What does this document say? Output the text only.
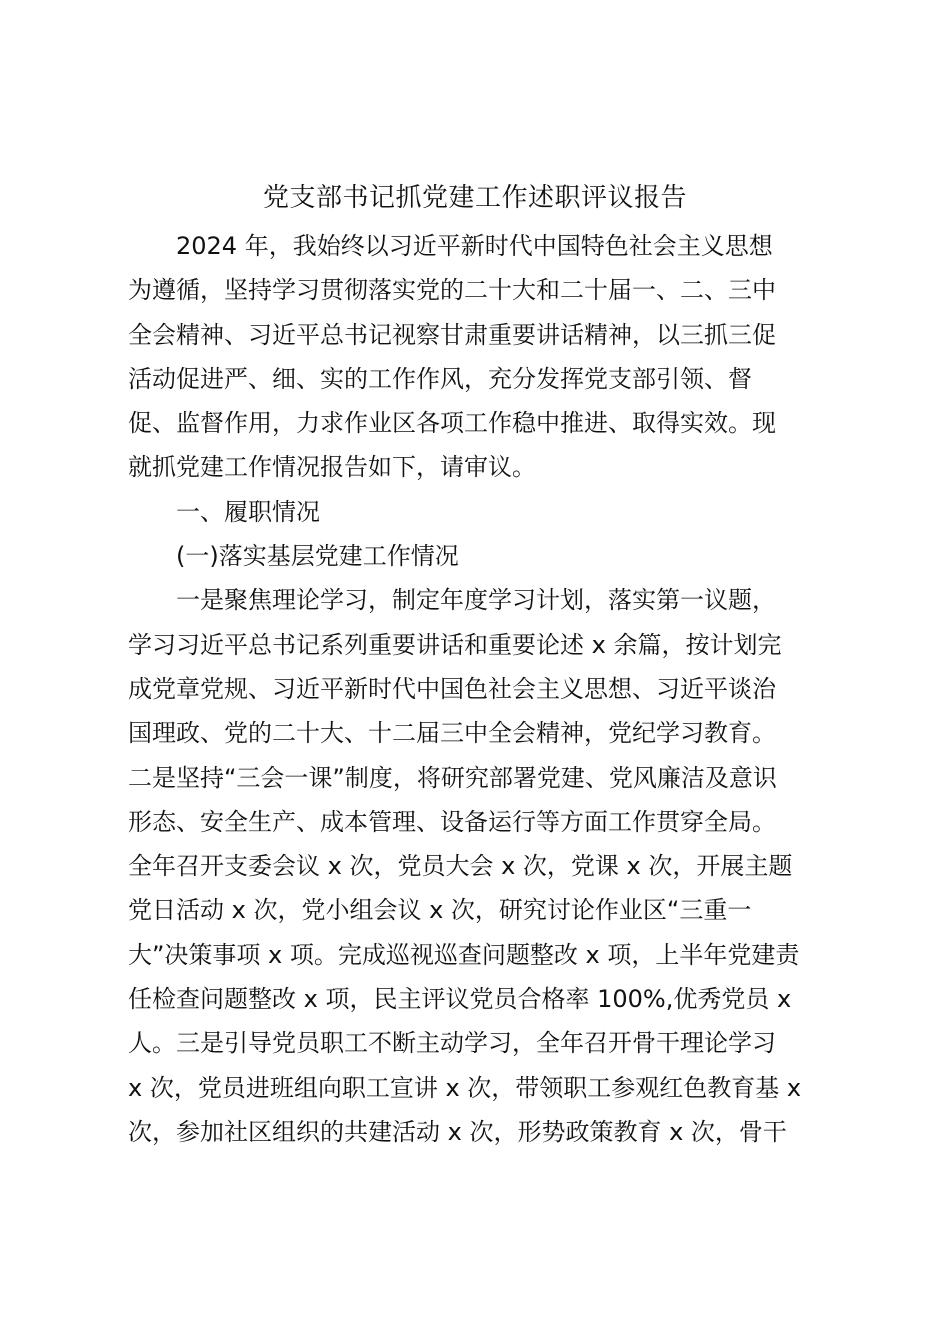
党支部书记抓党建工作述职评议报告
2024 年，我始终以习近平新时代中国特色社会主义思想
为遵循，坚持学习贯彻落实党的二十大和二十届一、二、三中
全会精神、习近平总书记视察甘肃重要讲话精神，以三抓三促
活动促进严、细、实的工作作风，充分发挥党支部引领、督
促、监督作用，力求作业区各项工作稳中推进、取得实效。现
就抓党建工作情况报告如下，请审议。
一、履职情况
(一)落实基层党建工作情况
一是聚焦理论学习，制定年度学习计划，落实第一议题，
学习习近平总书记系列重要讲话和重要论述 x 余篇，按计划完
成党章党规、习近平新时代中国色社会主义思想、习近平谈治
国理政、党的二十大、十二届三中全会精神，党纪学习教育。
二是坚持“三会一课”制度，将研究部署党建、党风廉洁及意识
形态、安全生产、成本管理、设备运行等方面工作贯穿全局。
全年召开支委会议 x 次，党员大会 x 次，党课 x 次，开展主题
党日活动 x 次，党小组会议 x 次，研究讨论作业区“三重一
大”决策事项 x 项。完成巡视巡查问题整改 x 项，上半年党建责
任检查问题整改 x 项，民主评议党员合格率 100%,优秀党员 x
人。三是引导党员职工不断主动学习，全年召开骨干理论学习
x 次，党员进班组向职工宣讲 x 次，带领职工参观红色教育基 x
次，参加社区组织的共建活动 x 次，形势政策教育 x 次，骨干
